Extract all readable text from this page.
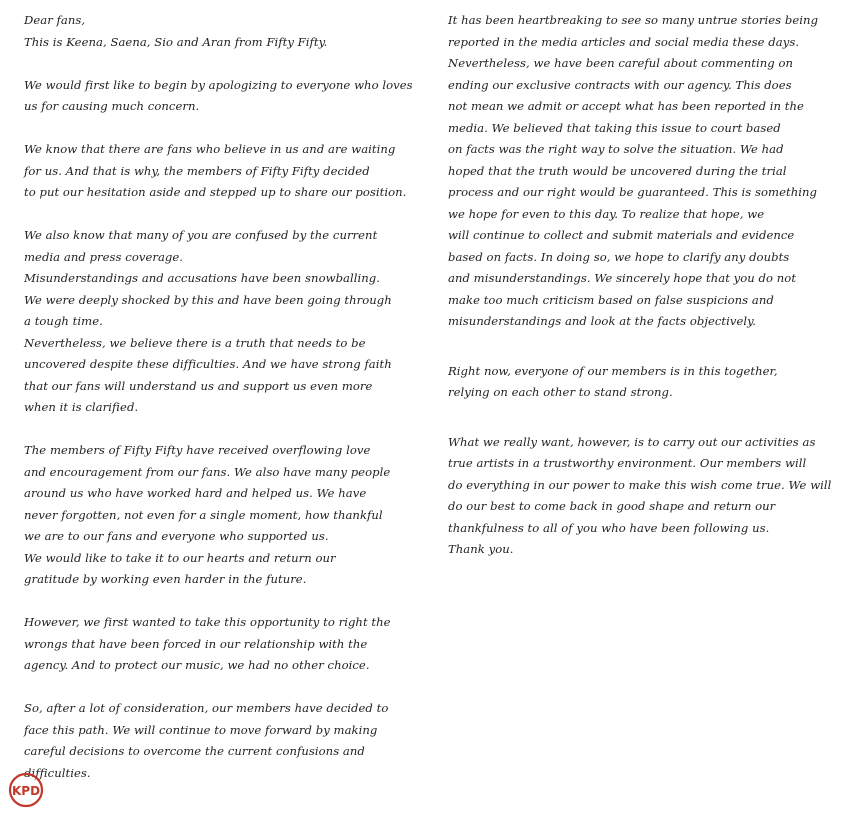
Dear fans,
This is Keena, Saena, Sio and Aran from Fifty Fifty.
We would first like to begin by apologizing to everyone who loves
us for causing much concern.
We know that there are fans who believe in us and are waiting
for us. And that is why, the members of Fifty Fifty decided
to put our hesitation aside and stepped up to share our position.
We also know that many of you are confused by the current
media and press coverage.
Misunderstandings and accusations have been snowballing.
We were deeply shocked by this and have been going through
a tough time.
Nevertheless, we believe there is a truth that needs to be
uncovered despite these difficulties. And we have strong faith
that our fans will understand us and support us even more
when it is clarified.
The members of Fifty Fifty have received overflowing love
and encouragement from our fans. We also have many people
around us who have worked hard and helped us. We have
never forgotten, not even for a single moment, how thankful
we are to our fans and everyone who supported us.
We would like to take it to our hearts and return our
gratitude by working even harder in the future.
However, we first wanted to take this opportunity to right the
wrongs that have been forced in our relationship with the
agency. And to protect our music, we had no other choice.
So, after a lot of consideration, our members have decided to
face this path. We will continue to move forward by making
careful decisions to overcome the current confusions and
difficulties.
It has been heartbreaking to see so many untrue stories being
reported in the media articles and social media these days.
Nevertheless, we have been careful about commenting on
ending our exclusive contracts with our agency. This does
not mean we admit or accept what has been reported in the
media. We believed that taking this issue to court based
on facts was the right way to solve the situation. We had
hoped that the truth would be uncovered during the trial
process and our right would be guaranteed. This is something
we hope for even to this day. To realize that hope, we
will continue to collect and submit materials and evidence
based on facts. In doing so, we hope to clarify any doubts
and misunderstandings. We sincerely hope that you do not
make too much criticism based on false suspicions and
misunderstandings and look at the facts objectively.
Right now, everyone of our members is in this together,
relying on each other to stand strong.
What we really want, however, is to carry out our activities as
true artists in a trustworthy environment. Our members will
do everything in our power to make this wish come true. We will
do our best to come back in good shape and return our
thankfulness to all of you who have been following us.
Thank you.
KPD
